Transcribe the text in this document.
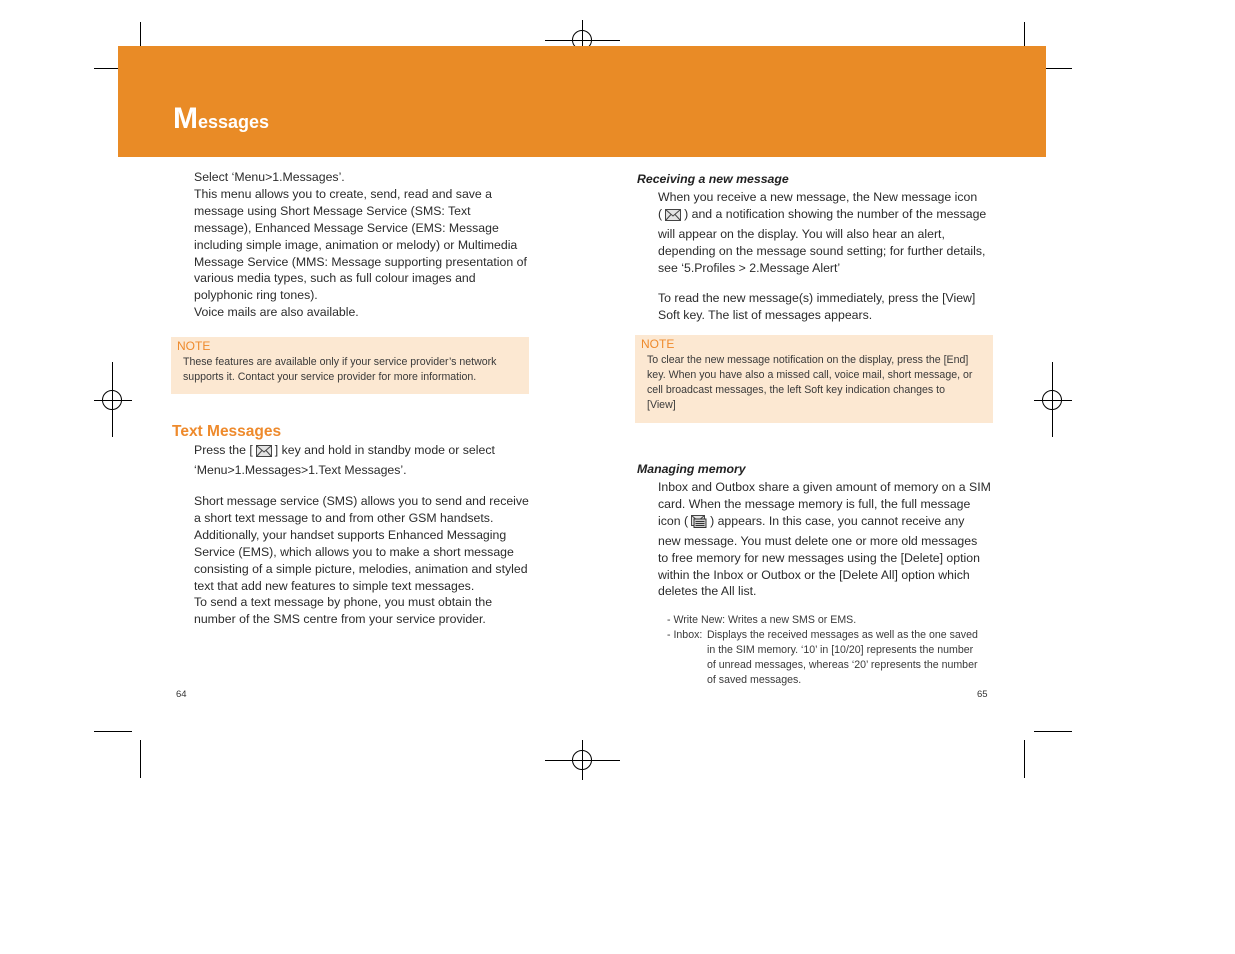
Messages

Select ‘Menu>1.Messages’.

This menu allows you to create, send, read and save a

message using Short Message Service (SMS: Text

message), Enhanced Message Service (EMS: Message

including simple image, animation or melody) or Multimedia

Message Service (MMS: Message supporting presentation of

various media types, such as full colour images and

polyphonic ring tones).

Voice mails are also available.

NOTE

These features are available only if your service provider’s network

supports it. Contact your service provider for more information.

Text Messages

Press the [ ] key and hold in standby mode or select

‘Menu>1.Messages>1.Text Messages’.

Short message service (SMS) allows you to send and receive

a short text message to and from other GSM handsets.

Additionally, your handset supports Enhanced Messaging

Service (EMS), which allows you to make a short message

consisting of a simple picture, melodies, animation and styled

text that add new features to simple text messages.

To send a text message by phone, you must obtain the

number of the SMS centre from your service provider.

64
Receiving a new message

When you receive a new message, the New message icon

( ) and a notification showing the number of the message

will appear on the display. You will also hear an alert,

depending on the message sound setting; for further details,

see ‘5.Profiles > 2.Message Alert’

To read the new message(s) immediately, press the [View]

Soft key. The list of messages appears.

NOTE

To clear the new message notification on the display, press the [End]

key. When you have also a missed call, voice mail, short message, or

cell broadcast messages, the left Soft key indication changes to

[View]

Managing memory

Inbox and Outbox share a given amount of memory on a SIM

card. When the message memory is full, the full message

icon ( ) appears. In this case, you cannot receive any

new message. You must delete one or more old messages

to free memory for new messages using the [Delete] option

within the Inbox or Outbox or the [Delete All] option which

deletes the All list.

- Write New: Writes a new SMS or EMS.
- Inbox: Displays the received messages as well as the one saved
in the SIM memory. ‘10’ in [10/20] represents the number
of unread messages, whereas ‘20’ represents the number
of saved messages.
65
